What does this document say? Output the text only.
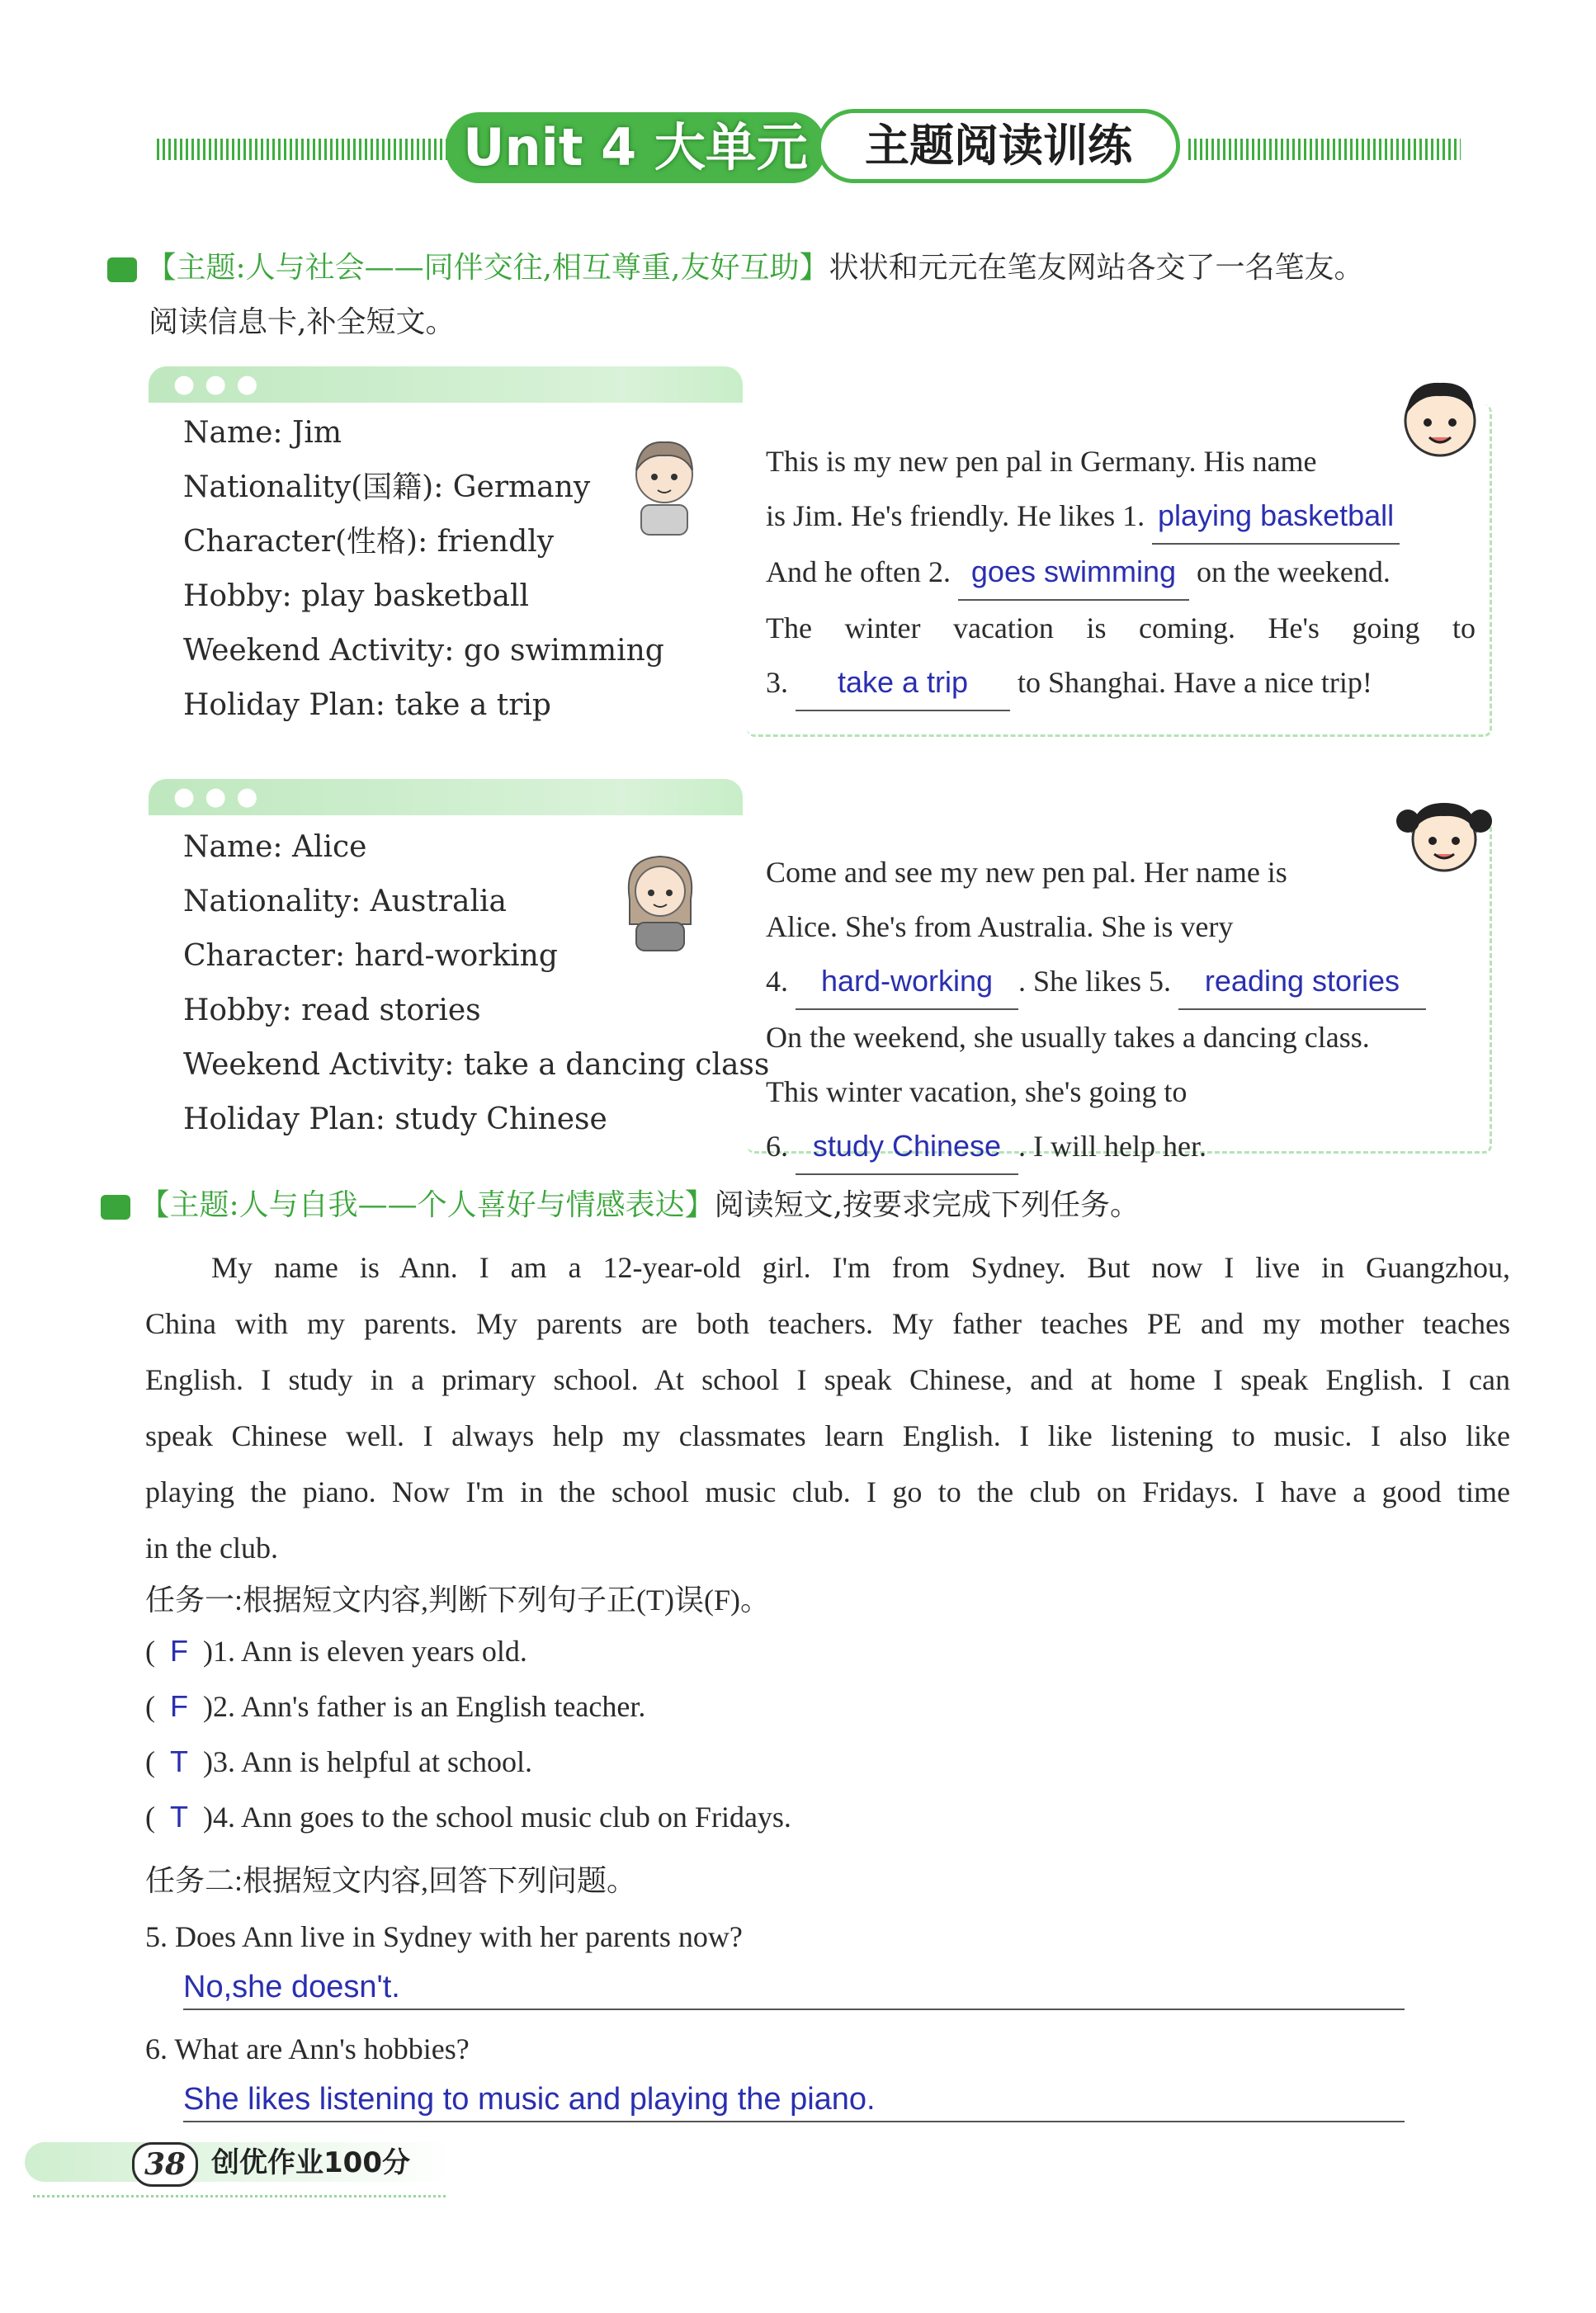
Unit 4 大单元	主题阅读训练
【主题:人与社会——同伴交往,相互尊重,友好互助】状状和元元在笔友网站各交了一名笔友。
阅读信息卡,补全短文。
●●●
Name: Jim
Nationality(国籍): Germany
Character(性格): friendly
Hobby: play basketball
Weekend Activity: go swimming
Holiday Plan: take a trip
This is my new pen pal in Germany. His name
is Jim. He's friendly. He likes 1. playing basketball
And he often 2. goes swimming on the weekend.
The winter vacation is coming. He's going to
3. take a trip to Shanghai. Have a nice trip!
●●●
Name: Alice
Nationality: Australia
Character: hard-working
Hobby: read stories
Weekend Activity: take a dancing class
Holiday Plan: study Chinese
Come and see my new pen pal. Her name is
Alice. She's from Australia. She is very
4. hard-working . She likes 5. reading stories
On the weekend, she usually takes a dancing class.
This winter vacation, she's going to
6. study Chinese . I will help her.
【主题:人与自我——个人喜好与情感表达】阅读短文,按要求完成下列任务。
My name is Ann. I am a 12-year-old girl. I'm from Sydney. But now I live in Guangzhou,
China with my parents. My parents are both teachers. My father teaches PE and my mother teaches
English. I study in a primary school. At school I speak Chinese, and at home I speak English. I can
speak Chinese well. I always help my classmates learn English. I like listening to music. I also like
playing the piano. Now I'm in the school music club. I go to the club on Fridays. I have a good time
in the club.
任务一:根据短文内容,判断下列句子正(T)误(F)。
(  F )1. Ann is eleven years old.
(  F )2. Ann's father is an English teacher.
(  T )3. Ann is helpful at school.
(  T )4. Ann goes to the school music club on Fridays.
任务二:根据短文内容,回答下列问题。
5. Does Ann live in Sydney with her parents now?
No,she doesn't.
6. What are Ann's hobbies?
She likes listening to music and playing the piano.
38 创优作业100分
